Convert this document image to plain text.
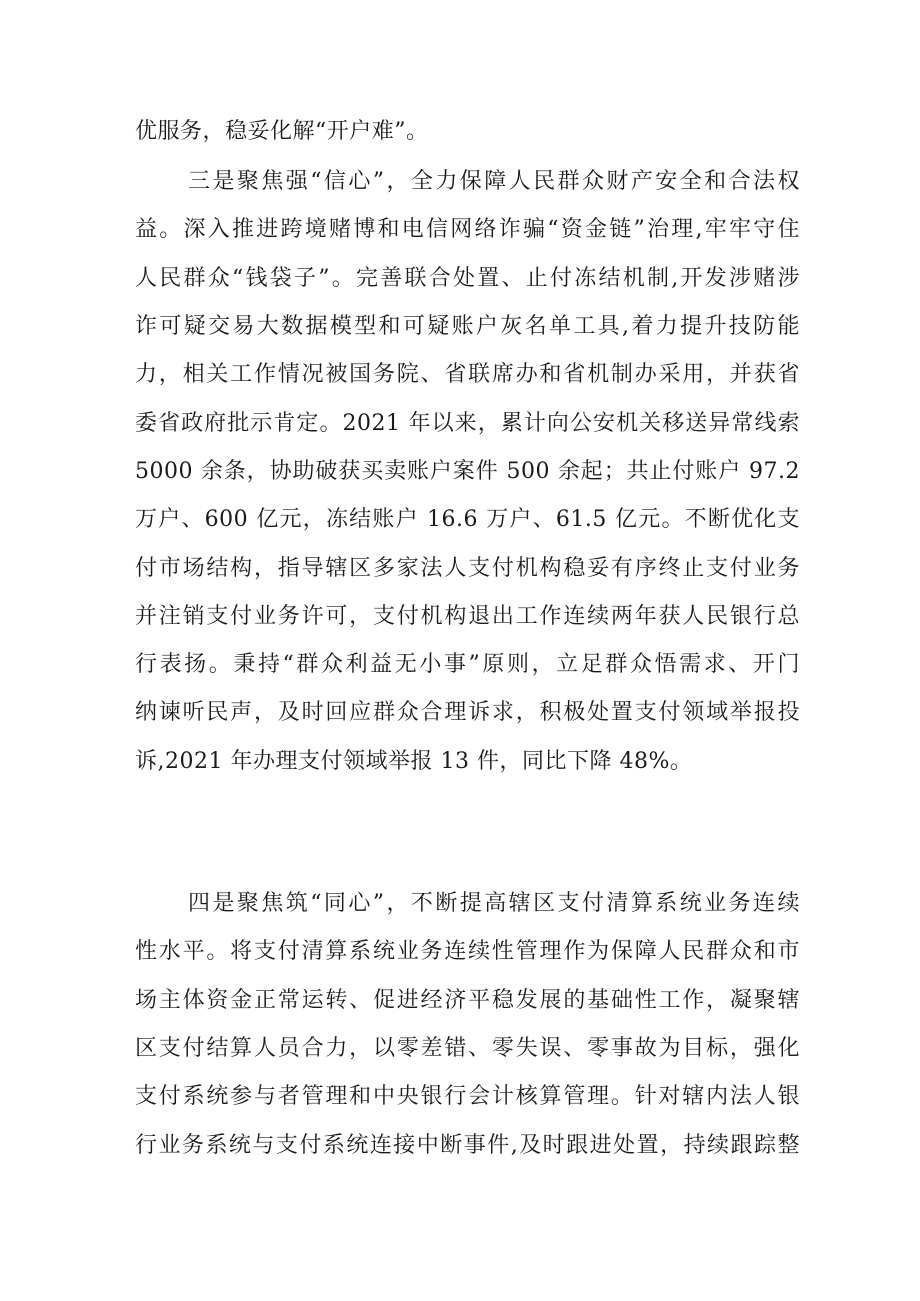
优服务，稳妥化解“开户难”。
三是聚焦强“信心”，全力保障人民群众财产安全和合法权
益。深入推进跨境赌博和电信网络诈骗“资金链”治理,牢牢守住
人民群众“钱袋子”。完善联合处置、止付冻结机制,开发涉赌涉
诈可疑交易大数据模型和可疑账户灰名单工具,着力提升技防能
力，相关工作情况被国务院、省联席办和省机制办采用，并获省
委省政府批示肯定。2021 年以来，累计向公安机关移送异常线索
5000 余条，协助破获买卖账户案件 500 余起；共止付账户 97.2
万户、600 亿元，冻结账户 16.6 万户、61.5 亿元。不断优化支
付市场结构，指导辖区多家法人支付机构稳妥有序终止支付业务
并注销支付业务许可，支付机构退出工作连续两年获人民银行总
行表扬。秉持“群众利益无小事”原则，立足群众悟需求、开门
纳谏听民声，及时回应群众合理诉求，积极处置支付领域举报投
诉,2021 年办理支付领域举报 13 件，同比下降 48%。
四是聚焦筑“同心”，不断提高辖区支付清算系统业务连续
性水平。将支付清算系统业务连续性管理作为保障人民群众和市
场主体资金正常运转、促进经济平稳发展的基础性工作，凝聚辖
区支付结算人员合力，以零差错、零失误、零事故为目标，强化
支付系统参与者管理和中央银行会计核算管理。针对辖内法人银
行业务系统与支付系统连接中断事件,及时跟进处置，持续跟踪整
